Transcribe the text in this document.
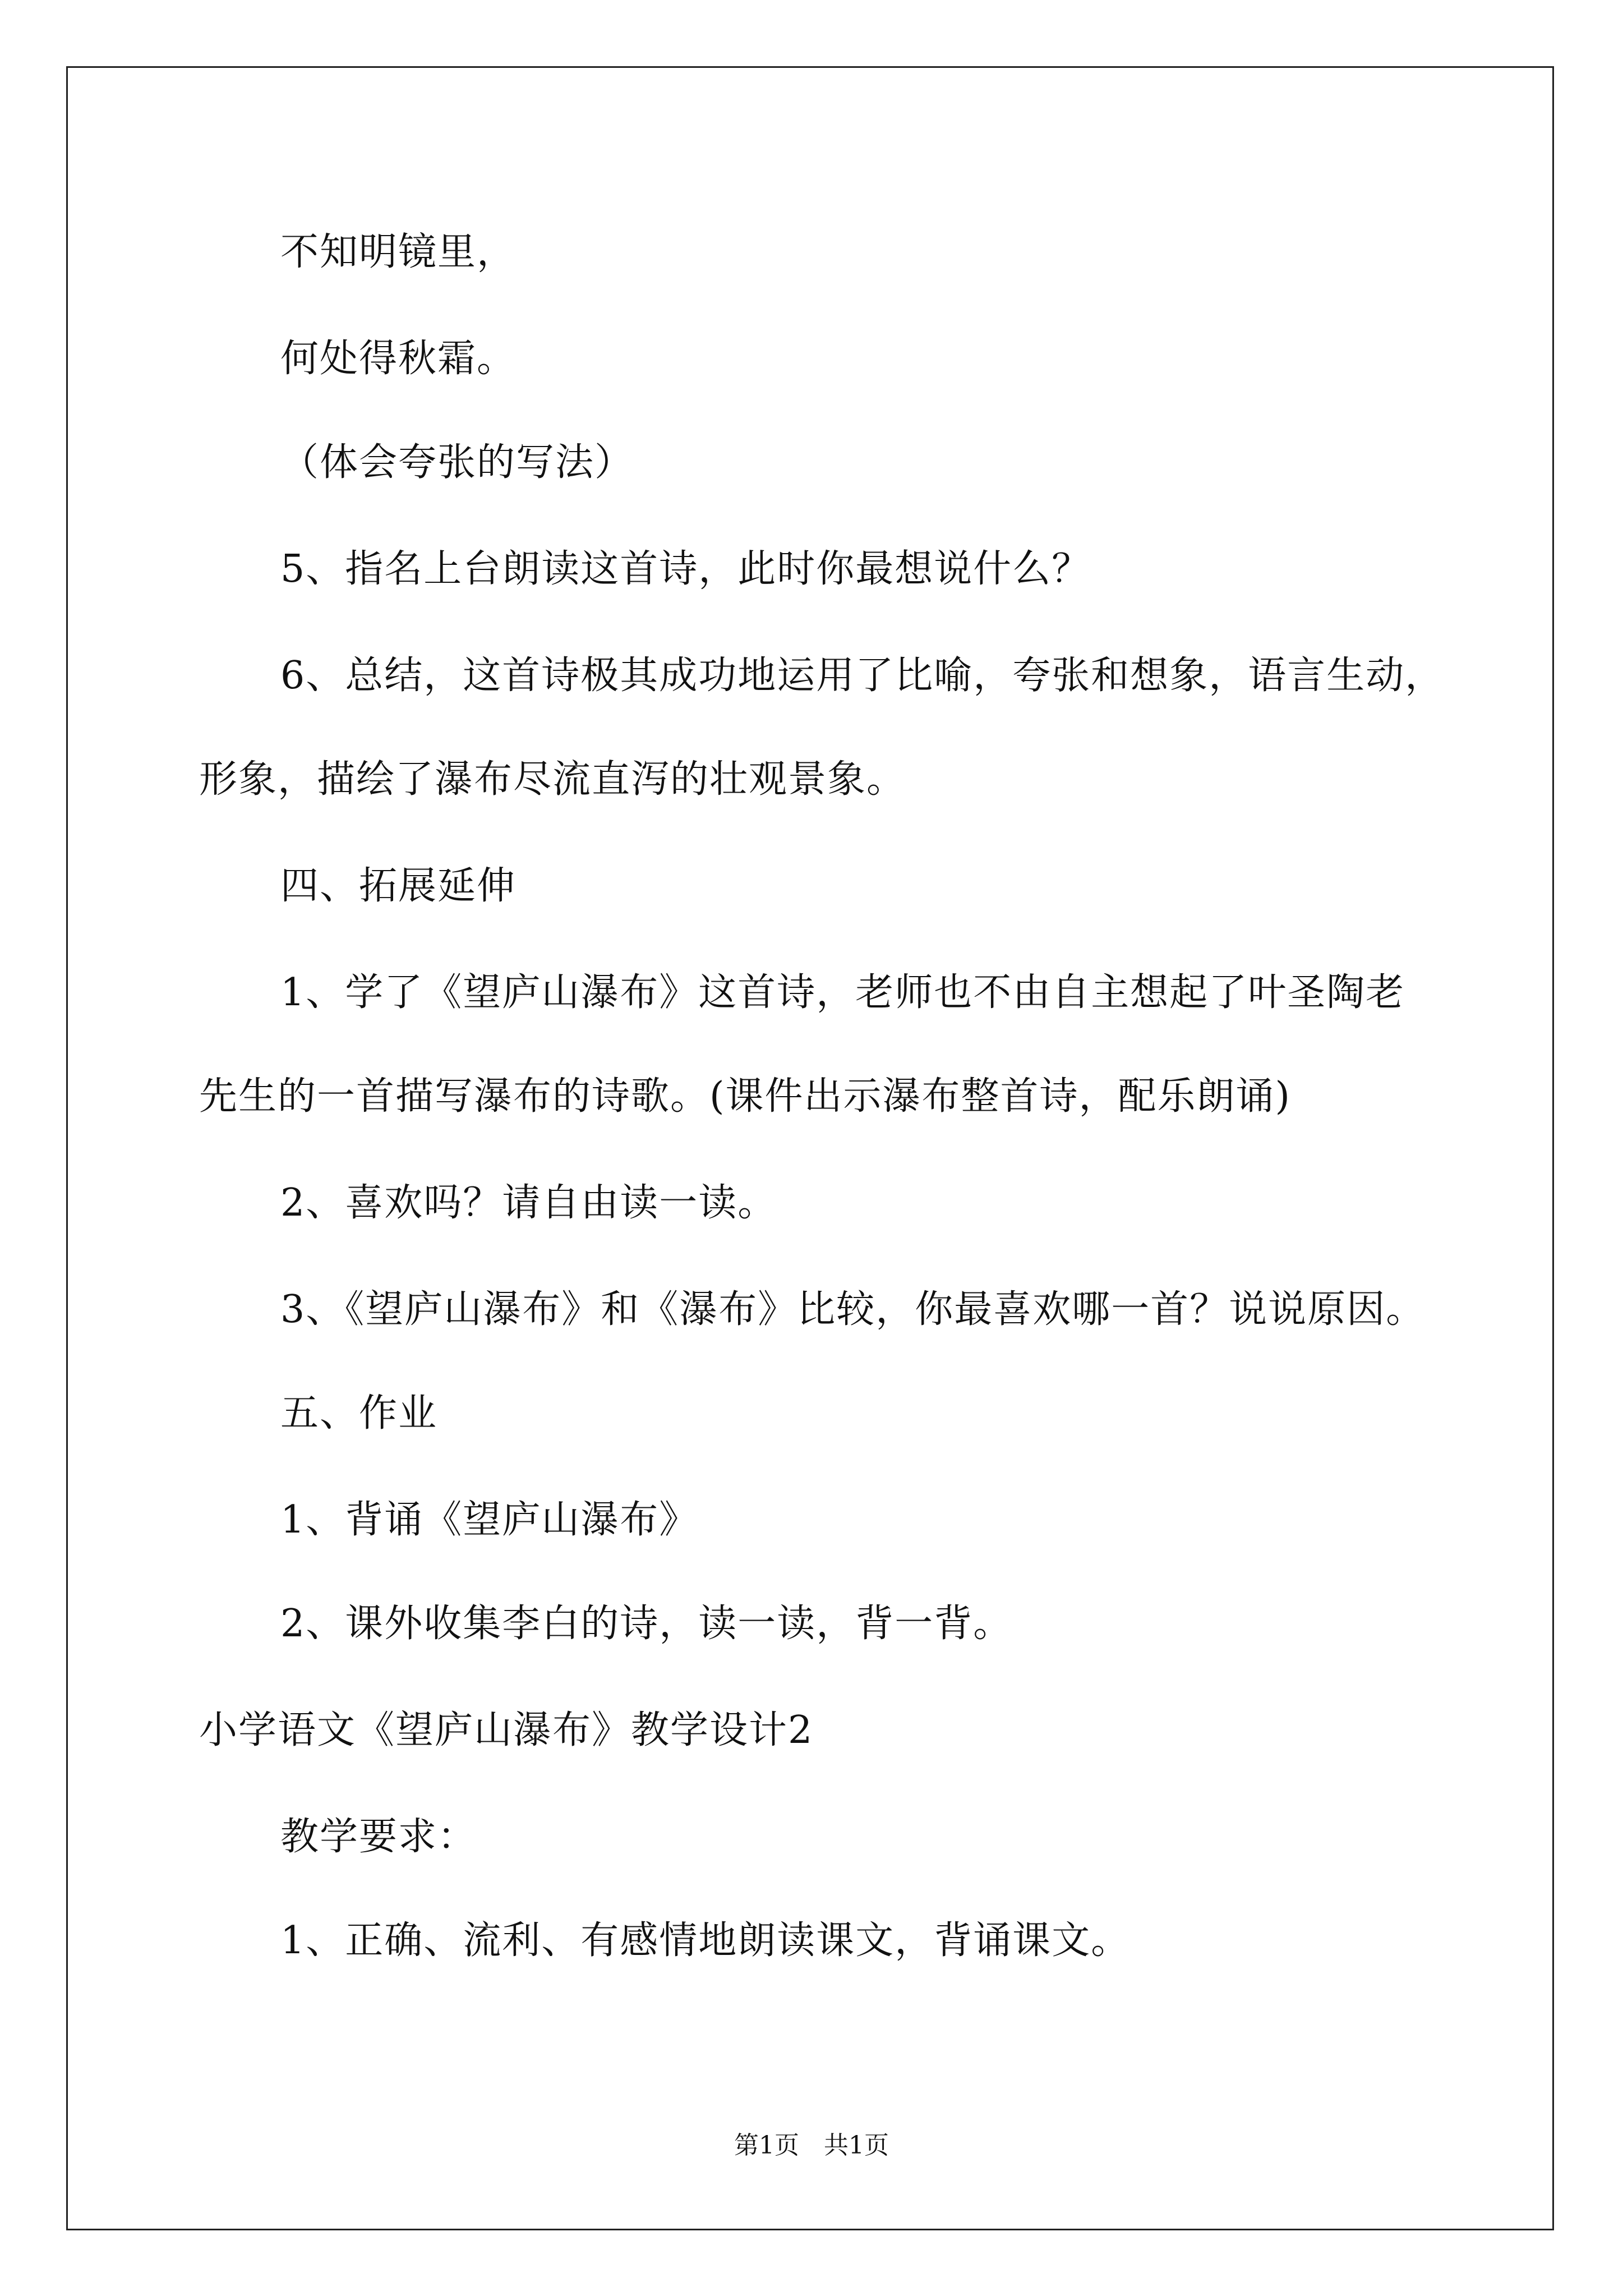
不知明镜里，
何处得秋霜。
（体会夸张的写法）
5、指名上台朗读这首诗，此时你最想说什么？
6、总结，这首诗极其成功地运用了比喻，夸张和想象，语言生动，
形象，描绘了瀑布尽流直泻的壮观景象。
四、拓展延伸
1、学了《望庐山瀑布》这首诗，老师也不由自主想起了叶圣陶老
先生的一首描写瀑布的诗歌。(课件出示瀑布整首诗，配乐朗诵)
2、喜欢吗？请自由读一读。
3、《望庐山瀑布》和《瀑布》比较，你最喜欢哪一首？说说原因。
五、作业
1、背诵《望庐山瀑布》
2、课外收集李白的诗，读一读，背一背。
小学语文《望庐山瀑布》教学设计2
教学要求：
1、正确、流利、有感情地朗读课文，背诵课文。
第1页　共1页
